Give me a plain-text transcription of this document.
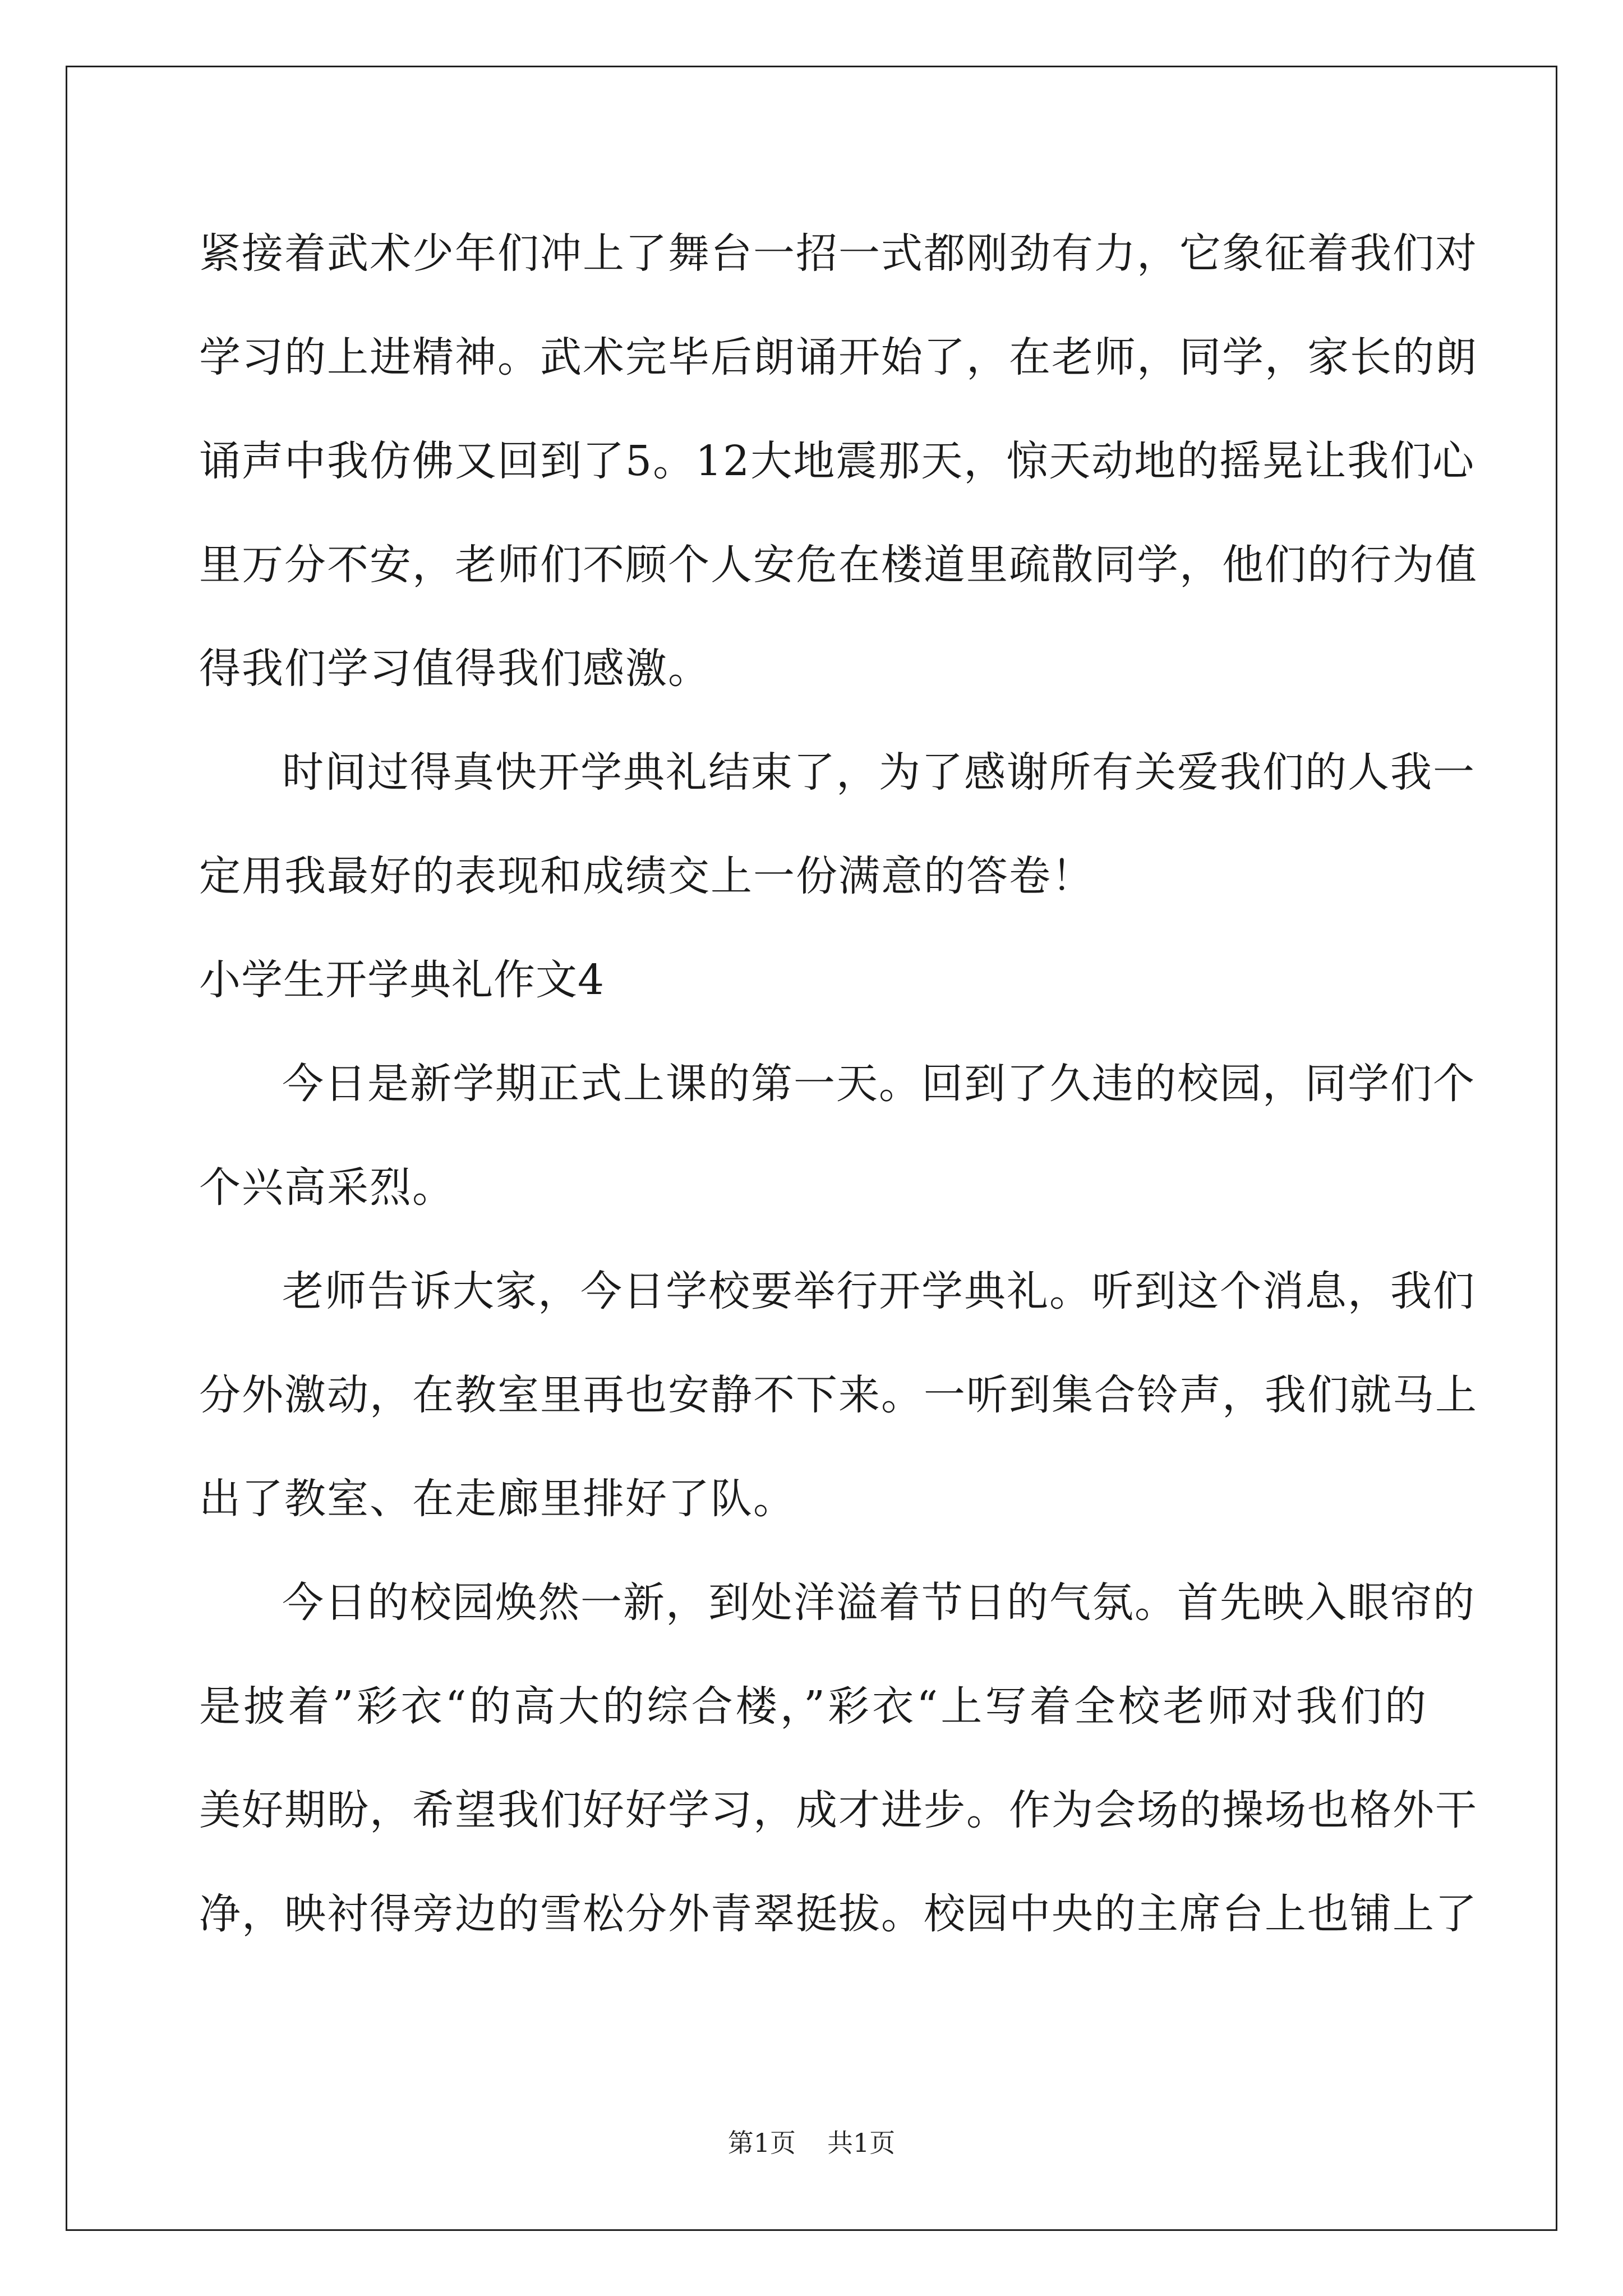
紧接着武术少年们冲上了舞台一招一式都刚劲有力，它象征着我们对
学习的上进精神。武术完毕后朗诵开始了，在老师，同学，家长的朗
诵声中我仿佛又回到了5。12大地震那天，惊天动地的摇晃让我们心
里万分不安，老师们不顾个人安危在楼道里疏散同学，他们的行为值
得我们学习值得我们感激。
时间过得真快开学典礼结束了，为了感谢所有关爱我们的人我一
定用我最好的表现和成绩交上一份满意的答卷！
小学生开学典礼作文4
今日是新学期正式上课的第一天。回到了久违的校园，同学们个
个兴高采烈。
老师告诉大家，今日学校要举行开学典礼。听到这个消息，我们
分外激动，在教室里再也安静不下来。一听到集合铃声，我们就马上
出了教室、在走廊里排好了队。
今日的校园焕然一新，到处洋溢着节日的气氛。首先映入眼帘的
是披着”彩衣“的高大的综合楼，”彩衣“上写着全校老师对我们的
美好期盼，希望我们好好学习，成才进步。作为会场的操场也格外干
净，映衬得旁边的雪松分外青翠挺拔。校园中央的主席台上也铺上了
第1页 共1页
